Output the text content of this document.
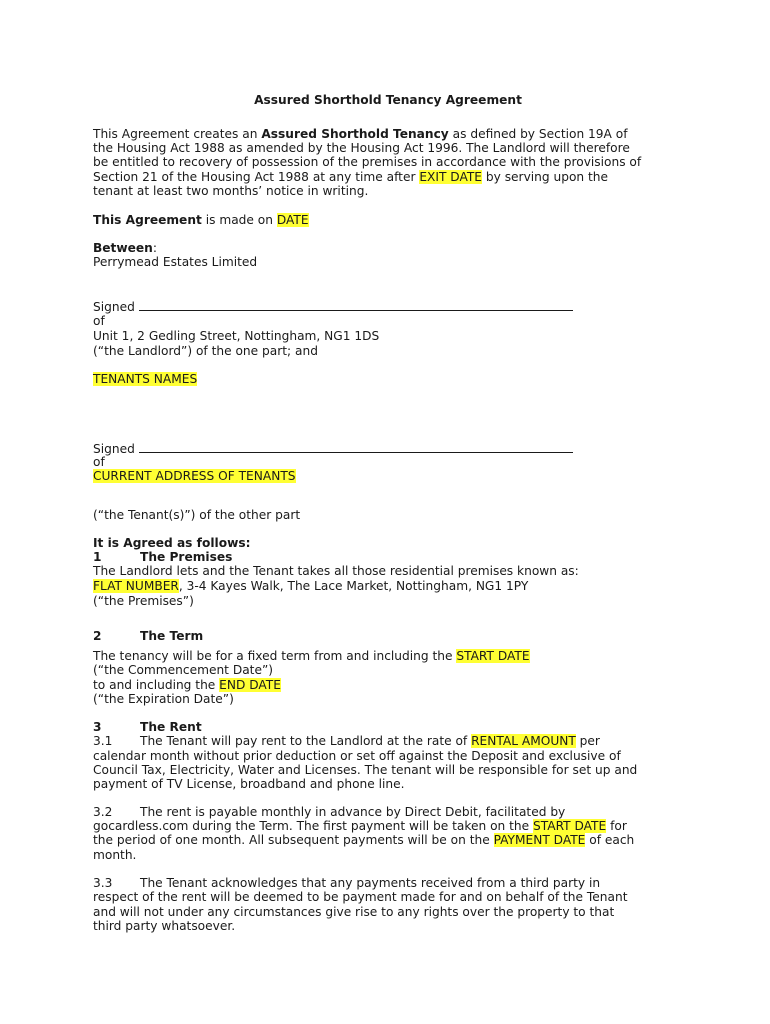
Assured Shorthold Tenancy Agreement
This Agreement creates an Assured Shorthold Tenancy as defined by Section 19A of
the Housing Act 1988 as amended by the Housing Act 1996. The Landlord will therefore
be entitled to recovery of possession of the premises in accordance with the provisions of
Section 21 of the Housing Act 1988 at any time after EXIT DATE by serving upon the
tenant at least two months’ notice in writing.
This Agreement is made on DATE
Between:
Perrymead Estates Limited
Signed
of
Unit 1, 2 Gedling Street, Nottingham, NG1 1DS
(“the Landlord”) of the one part; and
TENANTS NAMES
Signed
of
CURRENT ADDRESS OF TENANTS
(“the Tenant(s)”) of the other part
It is Agreed as follows:
1	The Premises
The Landlord lets and the Tenant takes all those residential premises known as:
FLAT NUMBER, 3-4 Kayes Walk, The Lace Market, Nottingham, NG1 1PY
(“the Premises”)
2	The Term
The tenancy will be for a fixed term from and including the START DATE
(“the Commencement Date”)
to and including the END DATE
(“the Expiration Date”)
3	The Rent
3.1 The Tenant will pay rent to the Landlord at the rate of RENTAL AMOUNT per
calendar month without prior deduction or set off against the Deposit and exclusive of
Council Tax, Electricity, Water and Licenses. The tenant will be responsible for set up and
payment of TV License, broadband and phone line.
3.2 The rent is payable monthly in advance by Direct Debit, facilitated by
gocardless.com during the Term. The first payment will be taken on the START DATE for
the period of one month. All subsequent payments will be on the PAYMENT DATE of each
month.
3.3 The Tenant acknowledges that any payments received from a third party in
respect of the rent will be deemed to be payment made for and on behalf of the Tenant
and will not under any circumstances give rise to any rights over the property to that
third party whatsoever.
